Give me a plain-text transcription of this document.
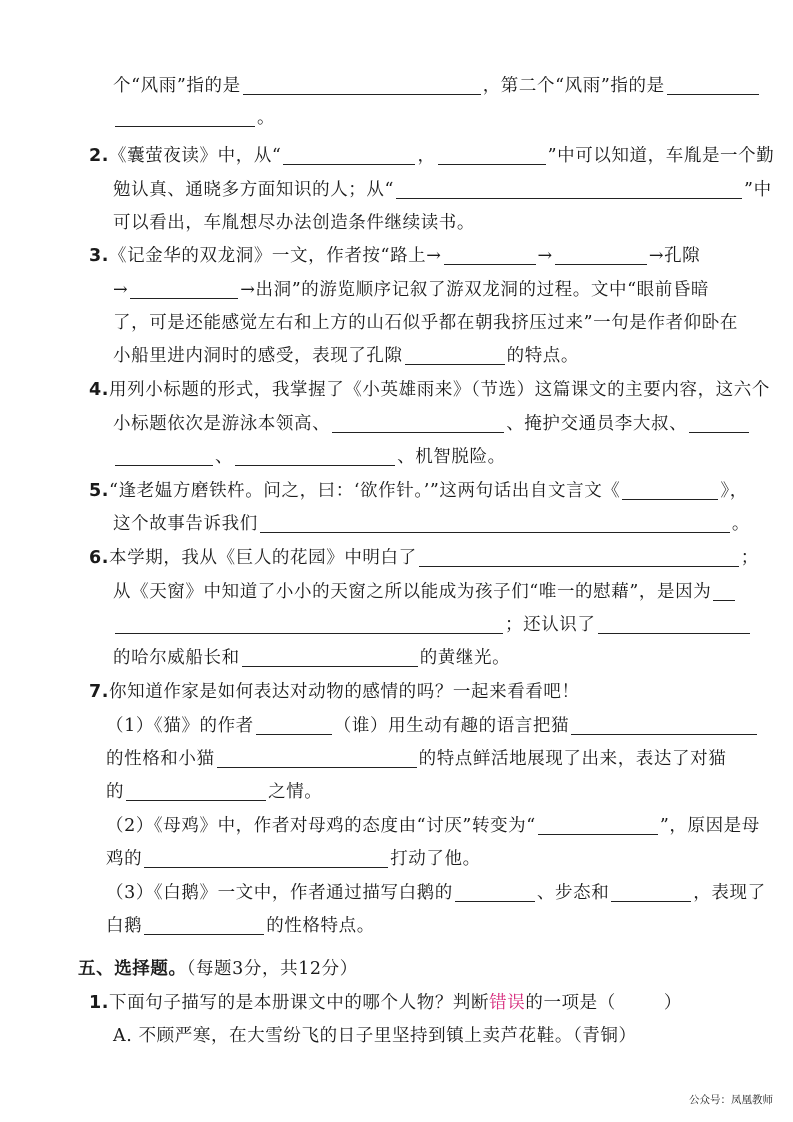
个“风雨”指的是	，第二个“风雨”指的是
。
2.《囊萤夜读》中，从“	，	”中可以知道，车胤是一个勤
勉认真、通晓多方面知识的人；从“	”中
可以看出，车胤想尽办法创造条件继续读书。
3.《记金华的双龙洞》一文，作者按“路上→	→	→孔隙
→	→出洞”的游览顺序记叙了游双龙洞的过程。文中“眼前昏暗
了，可是还能感觉左右和上方的山石似乎都在朝我挤压过来”一句是作者仰卧在
小船里进内洞时的感受，表现了孔隙	的特点。
4.用列小标题的形式，我掌握了《小英雄雨来》（节选）这篇课文的主要内容，这六个
小标题依次是游泳本领高、	、掩护交通员李大叔、
、	、机智脱险。
5.“逢老媪方磨铁杵。问之，曰：‘欲作针。’”这两句话出自文言文《	》，
这个故事告诉我们	。
6.本学期，我从《巨人的花园》中明白了	；
从《天窗》中知道了小小的天窗之所以能成为孩子们“唯一的慰藉”，是因为
；还认识了
的哈尔威船长和	的黄继光。
7.你知道作家是如何表达对动物的感情的吗？一起来看看吧！
（1）《猫》的作者	（谁）用生动有趣的语言把猫
的性格和小猫	的特点鲜活地展现了出来，表达了对猫
的	之情。
（2）《母鸡》中，作者对母鸡的态度由“讨厌”转变为“	”，原因是母
鸡的	打动了他。
（3）《白鹅》一文中，作者通过描写白鹅的	、步态和	，表现了
白鹅	的性格特点。
五、选择题。（每题3分，共12分）
1.下面句子描写的是本册课文中的哪个人物？判断错误的一项是（	）
A. 不顾严寒，在大雪纷飞的日子里坚持到镇上卖芦花鞋。（青铜）
公众号：凤凰教师
